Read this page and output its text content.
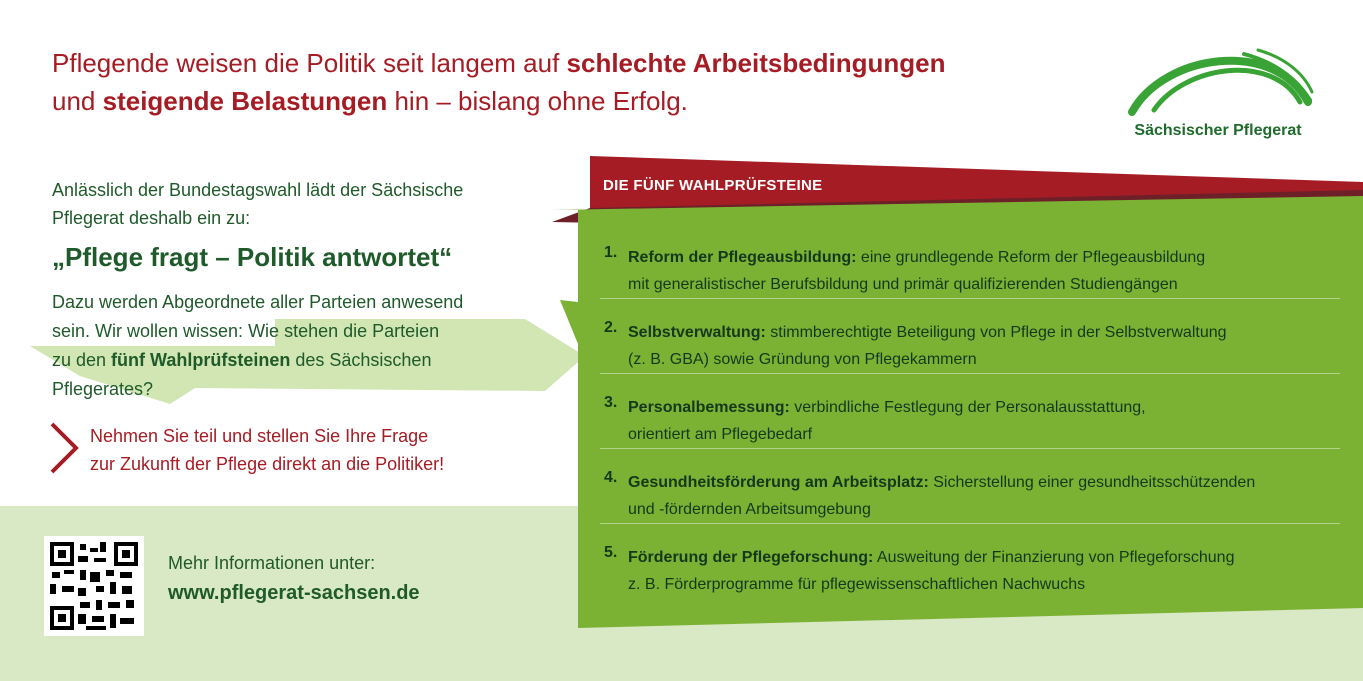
Pflegende weisen die Politik seit langem auf schlechte Arbeitsbedingungen
und steigende Belastungen hin – bislang ohne Erfolg.
Sächsischer Pflegerat
Anlässlich der Bundestagswahl lädt der Sächsische
Pflegerat deshalb ein zu:
„Pflege fragt – Politik antwortet“
Dazu werden Abgeordnete aller Parteien anwesend
sein. Wir wollen wissen: Wie stehen die Parteien
zu den fünf Wahlprüfsteinen des Sächsischen
Pflegerates?
Nehmen Sie teil und stellen Sie Ihre Frage
zur Zukunft der Pflege direkt an die Politiker!
Mehr Informationen unter:
www.pflegerat-sachsen.de
DIE FÜNF WAHLPRÜFSTEINE
1. Reform der Pflegeausbildung: eine grundlegende Reform der Pflegeausbildung
mit generalistischer Berufsbildung und primär qualifizierenden Studiengängen
2. Selbstverwaltung: stimmberechtigte Beteiligung von Pflege in der Selbstverwaltung
(z. B. GBA) sowie Gründung von Pflegekammern
3. Personalbemessung: verbindliche Festlegung der Personalausstattung,
orientiert am Pflegebedarf
4. Gesundheitsförderung am Arbeitsplatz: Sicherstellung einer gesundheitsschützenden
und -fördernden Arbeitsumgebung
5. Förderung der Pflegeforschung: Ausweitung der Finanzierung von Pflegeforschung
z. B. Förderprogramme für pflegewissenschaftlichen Nachwuchs
